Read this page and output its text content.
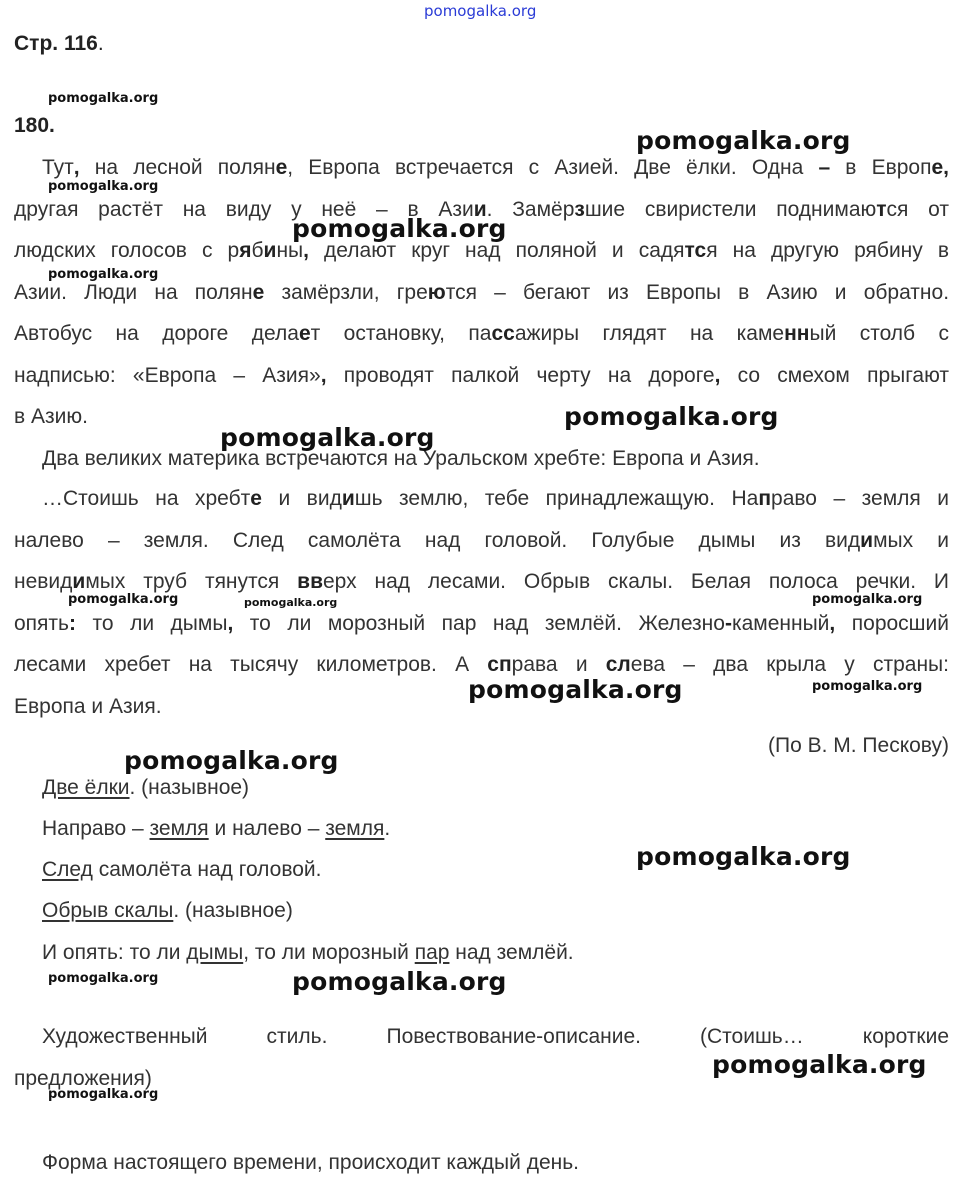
pomogalka.org
Стр. 116.
180.
Тут, на лесной поляне, Европа встречается с Азией. Две ёлки. Одна – в Европе,
другая растёт на виду у неё – в Азии. Замёрзшие свиристели поднимаются от
людских голосов с рябины, делают круг над поляной и садятся на другую рябину в
Азии. Люди на поляне замёрзли, греются – бегают из Европы в Азию и обратно.
Автобус на дороге делает остановку, пассажиры глядят на каменный столб с
надписью: «Европа – Азия», проводят палкой черту на дороге, со смехом прыгают
в Азию.
Два великих материка встречаются на Уральском хребте: Европа и Азия.
…Стоишь на хребте и видишь землю, тебе принадлежащую. Направо – земля и
налево – земля. След самолёта над головой. Голубые дымы из видимых и
невидимых труб тянутся вверх над лесами. Обрыв скалы. Белая полоса речки. И
опять: то ли дымы, то ли морозный пар над землёй. Железно-каменный, поросший
лесами хребет на тысячу километров. А справа и слева – два крыла у страны:
Европа и Азия.
(По В. М. Пескову)
Две ёлки. (назывное)
Направо – земля и налево – земля.
След самолёта над головой.
Обрыв скалы. (назывное)
И опять: то ли дымы, то ли морозный пар над землёй.
Художественный стиль. Повествование-описание. (Стоишь… короткие
предложения)
Форма настоящего времени, происходит каждый день.
pomogalka.org
pomogalka.org
pomogalka.org
pomogalka.org
pomogalka.org
pomogalka.org
pomogalka.org
pomogalka.org
pomogalka.org
pomogalka.org
pomogalka.org
pomogalka.org
pomogalka.org	pomogalka.org	pomogalka.org
pomogalka.org
pomogalka.org
pomogalka.org
